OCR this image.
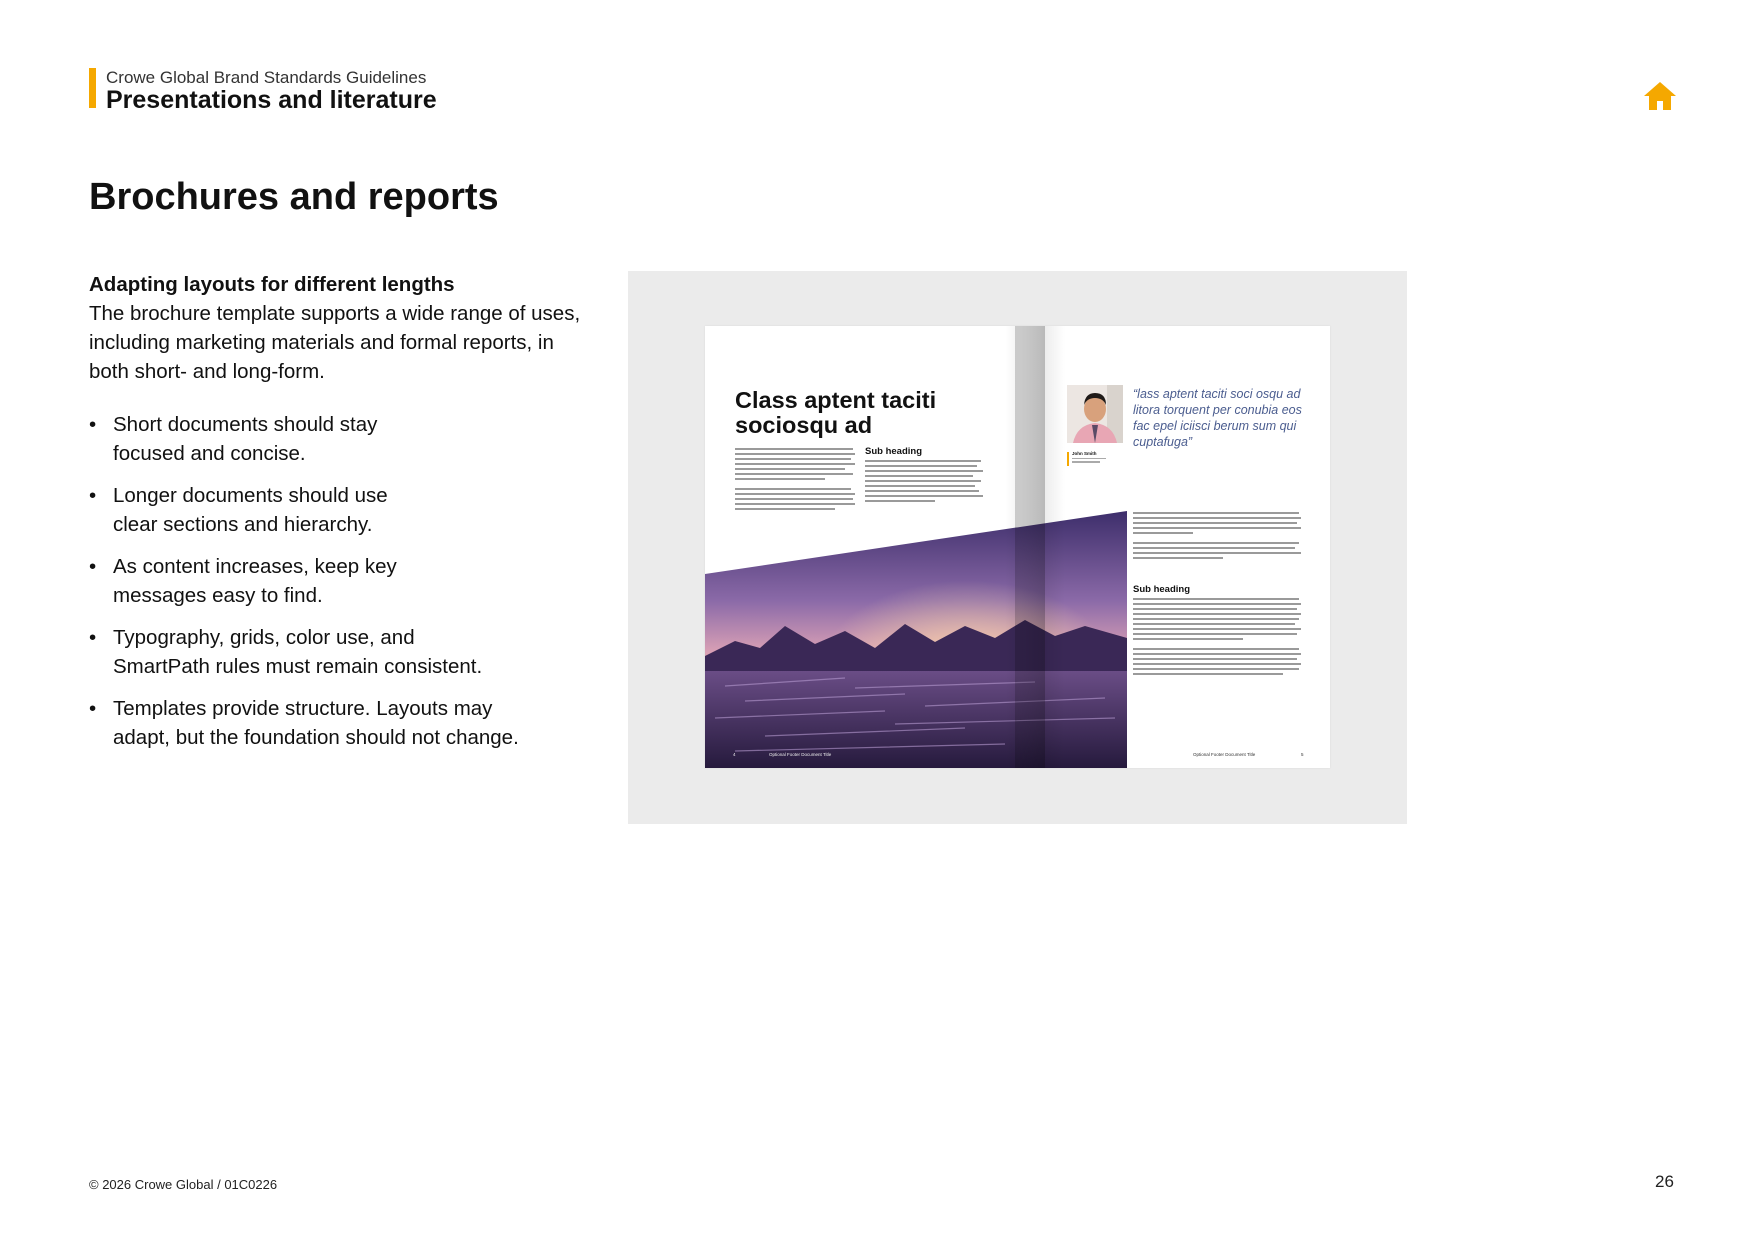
Crowe Global Brand Standards Guidelines
Presentations and literature
Brochures and reports

Adapting layouts for different lengths

The brochure template supports a wide range of uses, including marketing materials and formal reports, in both short- and long-form.

• Short documents should stay
focused and concise.
• Longer documents should use
clear sections and hierarchy.
• As content increases, keep key
messages easy to find.
• Typography, grids, color use, and
SmartPath rules must remain consistent.
• Templates provide structure. Layouts may
adapt, but the foundation should not change.
Class aptent taciti
sociosqu ad
Sub heading
“lass aptent taciti soci osqu ad litora torquent per conubia eos fac epel iciisci berum sum qui cuptafuga”
John Smith
Sub heading
4	Optional Footer Document Title	Optional Footer Document Title	5
© 2026 Crowe Global / 01C0226	26
